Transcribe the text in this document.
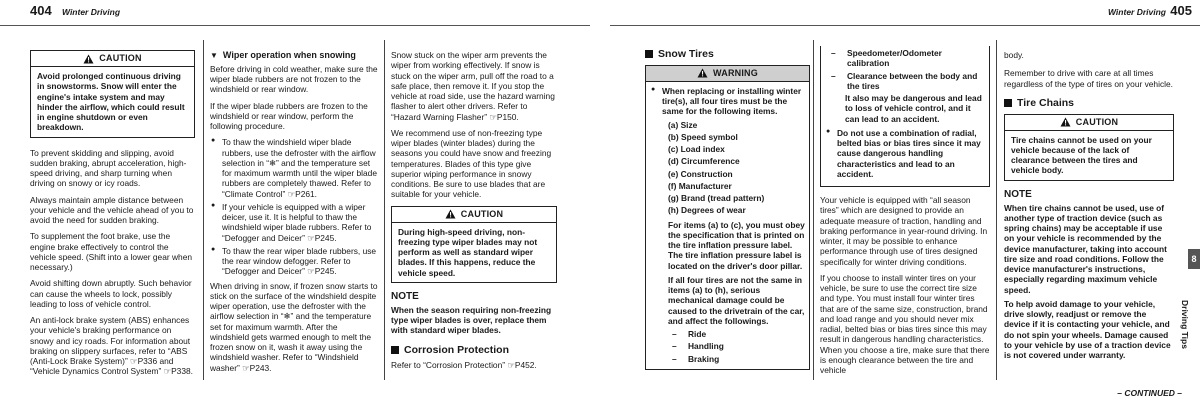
404 Winter Driving
CAUTION
Avoid prolonged continuous driving in snowstorms. Snow will enter the engine's intake system and may hinder the airflow, which could result in engine shutdown or even breakdown.

To prevent skidding and slipping, avoid sudden braking, abrupt acceleration, high-speed driving, and sharp turning when driving on snowy or icy roads.

Always maintain ample distance between your vehicle and the vehicle ahead of you to avoid the need for sudden braking.

To supplement the foot brake, use the engine brake effectively to control the vehicle speed. (Shift into a lower gear when necessary.)

Avoid shifting down abruptly. Such behavior can cause the wheels to lock, possibly leading to loss of vehicle control.

An anti-lock brake system (ABS) enhances your vehicle's braking performance on snowy and icy roads. For information about braking on slippery surfaces, refer to “ABS (Anti-Lock Brake System)” ☞P336 and “Vehicle Dynamics Control System” ☞P338.

▼ Wiper operation when snowing

Before driving in cold weather, make sure the wiper blade rubbers are not frozen to the windshield or rear window.

If the wiper blade rubbers are frozen to the windshield or rear window, perform the following procedure.

● To thaw the windshield wiper blade rubbers, use the defroster with the airflow selection in “❄” and the temperature set for maximum warmth until the wiper blade rubbers are completely thawed. Refer to “Climate Control” ☞P261.
● If your vehicle is equipped with a wiper deicer, use it. It is helpful to thaw the windshield wiper blade rubbers. Refer to “Defogger and Deicer” ☞P245.
● To thaw the rear wiper blade rubbers, use the rear window defogger. Refer to “Defogger and Deicer” ☞P245.

When driving in snow, if frozen snow starts to stick on the surface of the windshield despite wiper operation, use the defroster with the airflow selection in “❄” and the temperature set for maximum warmth. After the windshield gets warmed enough to melt the frozen snow on it, wash it away using the windshield washer. Refer to “Windshield washer” ☞P243.

Snow stuck on the wiper arm prevents the wiper from working effectively. If snow is stuck on the wiper arm, pull off the road to a safe place, then remove it. If you stop the vehicle at road side, use the hazard warning flasher to alert other drivers. Refer to “Hazard Warning Flasher” ☞P150.

We recommend use of non-freezing type wiper blades (winter blades) during the seasons you could have snow and freezing temperatures. Blades of this type give superior wiping performance in snowy conditions. Be sure to use blades that are suitable for your vehicle.

CAUTION
During high-speed driving, non-freezing type wiper blades may not perform as well as standard wiper blades. If this happens, reduce the vehicle speed.
NOTE

When the season requiring non-freezing type wiper blades is over, replace them with standard wiper blades.

Corrosion Protection

Refer to “Corrosion Protection” ☞P452.

Winter Driving 405
Snow Tires
WARNING
● When replacing or installing winter tire(s), all four tires must be the same for the following items.
(a) Size
(b) Speed symbol
(c) Load index
(d) Circumference
(e) Construction
(f) Manufacturer
(g) Brand (tread pattern)
(h) Degrees of wear
For items (a) to (c), you must obey the specification that is printed on the tire inflation pressure label. The tire inflation pressure label is located on the driver's door pillar.
If all four tires are not the same in items (a) to (h), serious mechanical damage could be caused to the drivetrain of the car, and affect the followings.
– Ride
– Handling
– Braking
– Speedometer/Odometer calibration
– Clearance between the body and the tires
It also may be dangerous and lead to loss of vehicle control, and it can lead to an accident.
● Do not use a combination of radial, belted bias or bias tires since it may cause dangerous handling characteristics and lead to an accident.

Your vehicle is equipped with “all season tires” which are designed to provide an adequate measure of traction, handling and braking performance in year-round driving. In winter, it may be possible to enhance performance through use of tires designed specifically for winter driving conditions.

If you choose to install winter tires on your vehicle, be sure to use the correct tire size and type. You must install four winter tires that are of the same size, construction, brand and load range and you should never mix radial, belted bias or bias tires since this may result in dangerous handling characteristics. When you choose a tire, make sure that there is enough clearance between the tire and vehicle

body.

Remember to drive with care at all times regardless of the type of tires on your vehicle.

Tire Chains
CAUTION
Tire chains cannot be used on your vehicle because of the lack of clearance between the tires and vehicle body.
NOTE

When tire chains cannot be used, use of another type of traction device (such as spring chains) may be acceptable if use on your vehicle is recommended by the device manufacturer, taking into account tire size and road conditions. Follow the device manufacturer's instructions, especially regarding maximum vehicle speed.

To help avoid damage to your vehicle, drive slowly, readjust or remove the device if it is contacting your vehicle, and do not spin your wheels. Damage caused to your vehicle by use of a traction device is not covered under warranty.

8
Driving Tips
– CONTINUED –
